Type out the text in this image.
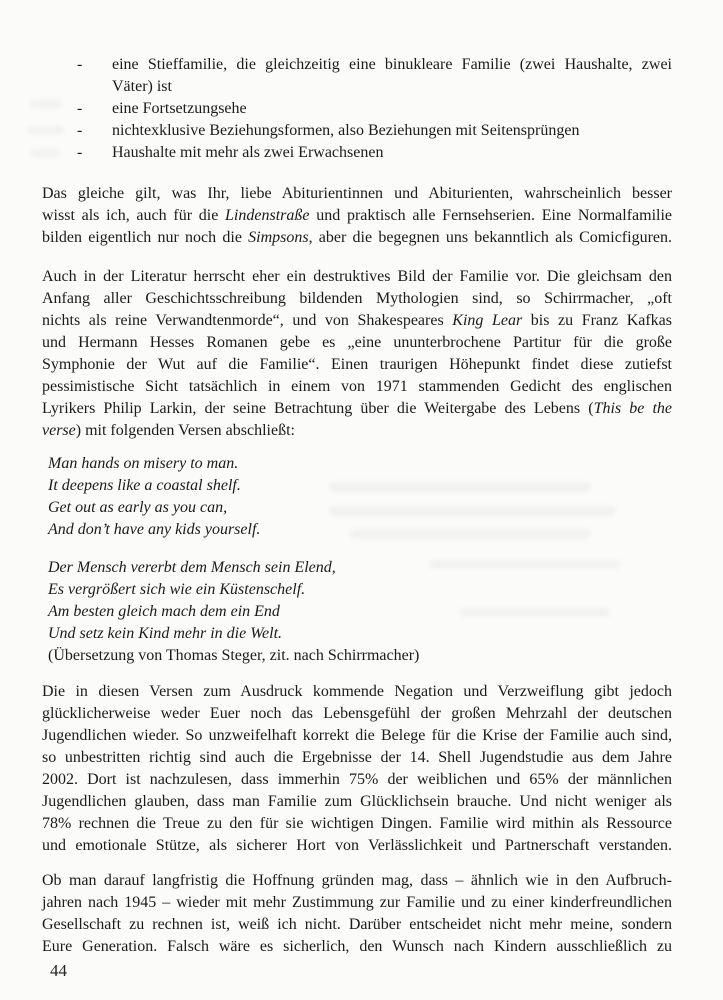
-	eine Stieffamilie, die gleichzeitig eine binukleare Familie (zwei Haushalte, zwei
Väter) ist
-	eine Fortsetzungsehe
-	nichtexklusive Beziehungsformen, also Beziehungen mit Seitensprüngen
-	Haushalte mit mehr als zwei Erwachsenen
Das gleiche gilt, was Ihr, liebe Abiturientinnen und Abiturienten, wahrscheinlich besser
wisst als ich, auch für die Lindenstraße und praktisch alle Fernsehserien. Eine Normalfamilie
bilden eigentlich nur noch die Simpsons, aber die begegnen uns bekanntlich als Comicfiguren.
Auch in der Literatur herrscht eher ein destruktives Bild der Familie vor. Die gleichsam den
Anfang aller Geschichtsschreibung bildenden Mythologien sind, so Schirrmacher, „oft
nichts als reine Verwandtenmorde“, und von Shakespeares King Lear bis zu Franz Kafkas
und Hermann Hesses Romanen gebe es „eine ununterbrochene Partitur für die große
Symphonie der Wut auf die Familie“. Einen traurigen Höhepunkt findet diese zutiefst
pessimistische Sicht tatsächlich in einem von 1971 stammenden Gedicht des englischen
Lyrikers Philip Larkin, der seine Betrachtung über die Weitergabe des Lebens (This be the
verse) mit folgenden Versen abschließt:
Man hands on misery to man.
It deepens like a coastal shelf.
Get out as early as you can,
And don’t have any kids yourself.
Der Mensch vererbt dem Mensch sein Elend,
Es vergrößert sich wie ein Küstenschelf.
Am besten gleich mach dem ein End
Und setz kein Kind mehr in die Welt.
(Übersetzung von Thomas Steger, zit. nach Schirrmacher)
Die in diesen Versen zum Ausdruck kommende Negation und Verzweiflung gibt jedoch
glücklicherweise weder Euer noch das Lebensgefühl der großen Mehrzahl der deutschen
Jugendlichen wieder. So unzweifelhaft korrekt die Belege für die Krise der Familie auch sind,
so unbestritten richtig sind auch die Ergebnisse der 14. Shell Jugendstudie aus dem Jahre
2002. Dort ist nachzulesen, dass immerhin 75% der weiblichen und 65% der männlichen
Jugendlichen glauben, dass man Familie zum Glücklichsein brauche. Und nicht weniger als
78% rechnen die Treue zu den für sie wichtigen Dingen. Familie wird mithin als Ressource
und emotionale Stütze, als sicherer Hort von Verlässlichkeit und Partnerschaft verstanden.
Ob man darauf langfristig die Hoffnung gründen mag, dass – ähnlich wie in den Aufbruch-
jahren nach 1945 – wieder mit mehr Zustimmung zur Familie und zu einer kinderfreundlichen
Gesellschaft zu rechnen ist, weiß ich nicht. Darüber entscheidet nicht mehr meine, sondern
Eure Generation. Falsch wäre es sicherlich, den Wunsch nach Kindern ausschließlich zu
44
